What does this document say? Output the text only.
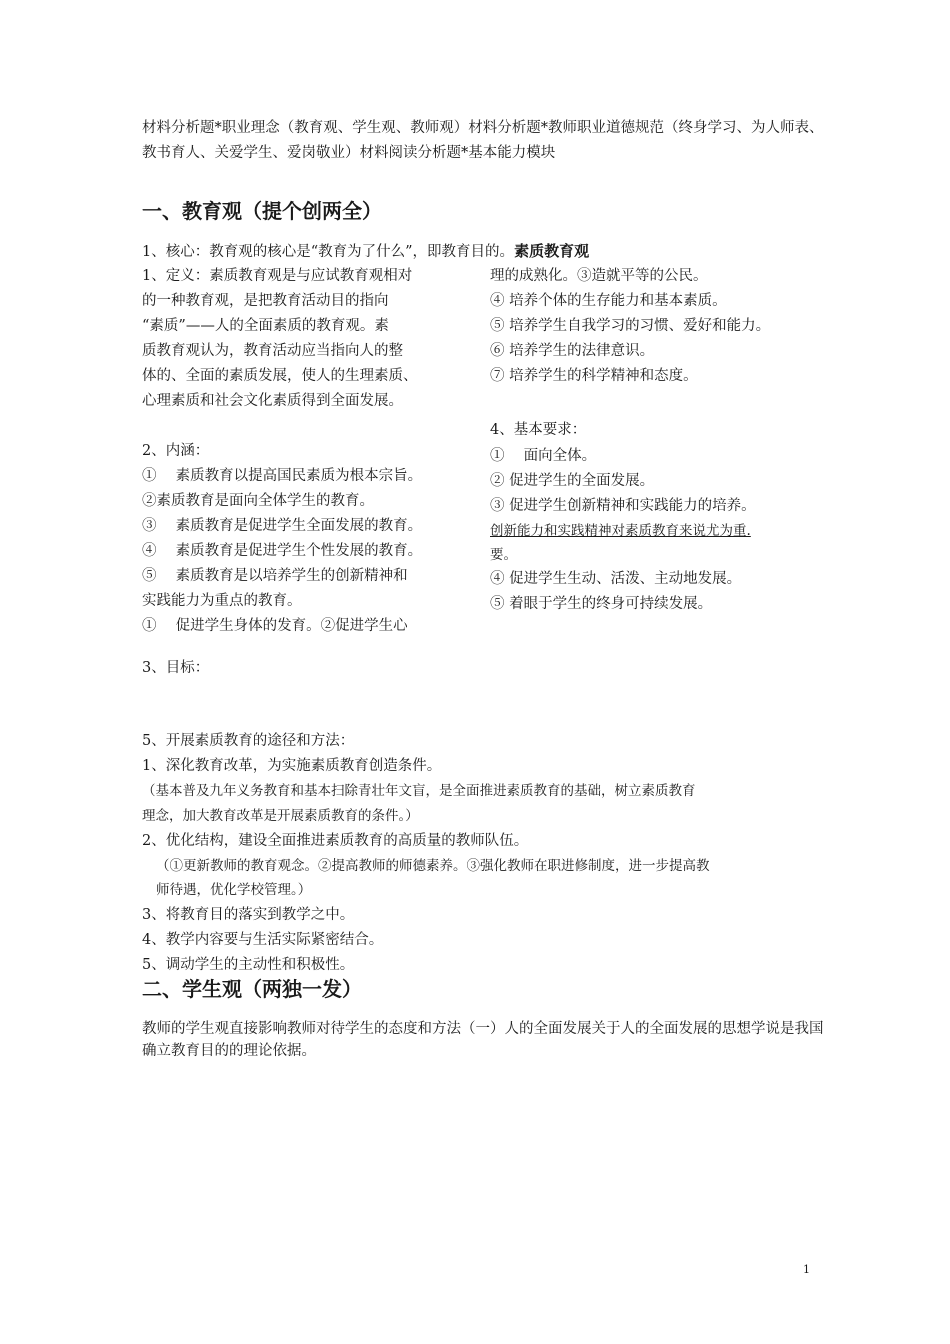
材料分析题*职业理念（教育观、学生观、教师观）材料分析题*教师职业道德规范（终身学习、为人师表、教书育人、关爱学生、爱岗敬业）材料阅读分析题*基本能力模块
一、教育观（提个创两全）
1、核心：教育观的核心是“教育为了什么”，即教育目的。素质教育观
1、定义：素质教育观是与应试教育观相对
的一种教育观，是把教育活动目的指向
“素质”——人的全面素质的教育观。素
质教育观认为，教育活动应当指向人的整
体的、全面的素质发展，使人的生理素质、
心理素质和社会文化素质得到全面发展。
2、内涵：
①　 素质教育以提高国民素质为根本宗旨。
②素质教育是面向全体学生的教育。
③　 素质教育是促进学生全面发展的教育。
④　 素质教育是促进学生个性发展的教育。
⑤　 素质教育是以培养学生的创新精神和
实践能力为重点的教育。
①　 促进学生身体的发育。②促进学生心
3、目标：
理的成熟化。③造就平等的公民。
④ 培养个体的生存能力和基本素质。
⑤ 培养学生自我学习的习惯、爱好和能力。
⑥ 培养学生的法律意识。
⑦ 培养学生的科学精神和态度。
4、基本要求：
①　 面向全体。
② 促进学生的全面发展。
③ 促进学生创新精神和实践能力的培养。
创新能力和实践精神对素质教育来说尤为重.
要。
④ 促进学生生动、活泼、主动地发展。
⑤ 着眼于学生的终身可持续发展。
5、开展素质教育的途径和方法：
1、深化教育改革，为实施素质教育创造条件。
（基本普及九年义务教育和基本扫除青壮年文盲，是全面推进素质教育的基础，树立素质教育
理念，加大教育改革是开展素质教育的条件。）
2、优化结构，建设全面推进素质教育的高质量的教师队伍。
（①更新教师的教育观念。②提高教师的师德素养。③强化教师在职进修制度，进一步提高教
师待遇，优化学校管理。）
3、将教育目的落实到教学之中。
4、教学内容要与生活实际紧密结合。
5、调动学生的主动性和积极性。
二、学生观（两独一发）
教师的学生观直接影响教师对待学生的态度和方法（一）人的全面发展关于人的全面发展的思想学说是我国确立教育目的的理论依据。
1
